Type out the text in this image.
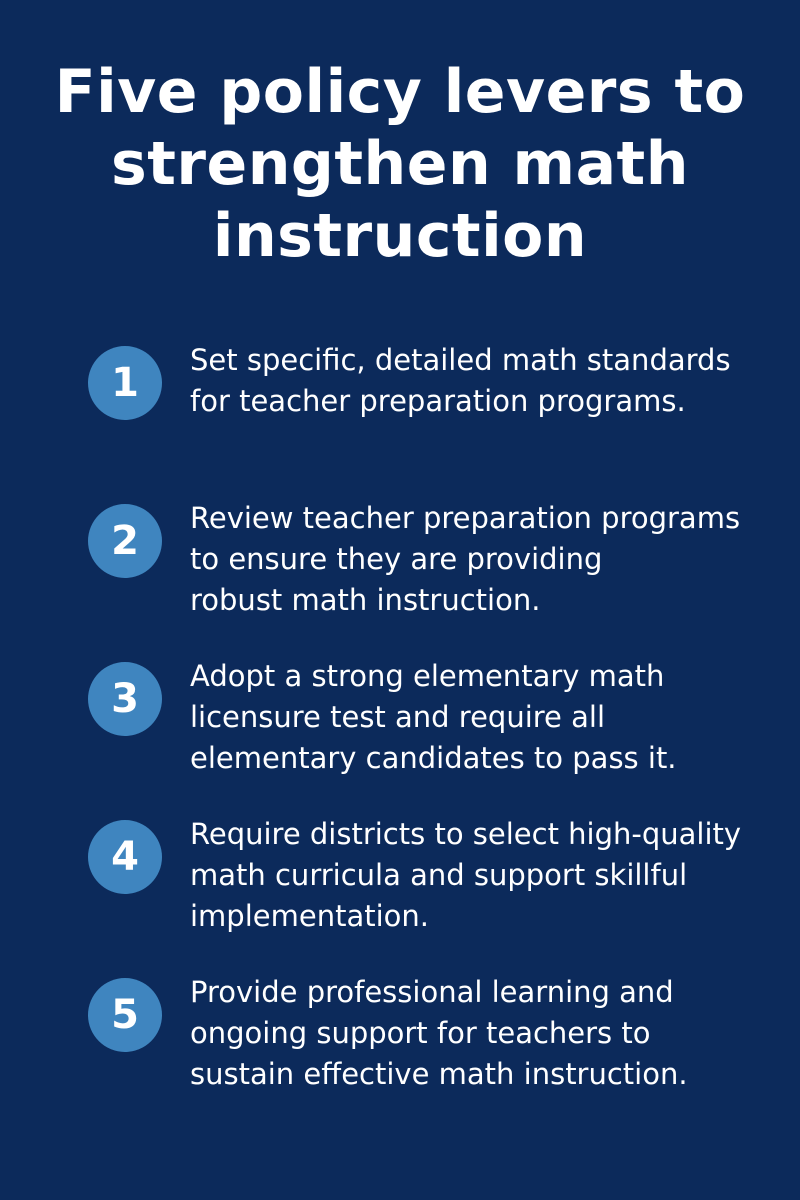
Five policy levers to
strengthen math
instruction
1	Set specific, detailed math standards
for teacher preparation programs.

2	Review teacher preparation programs
to ensure they are providing
robust math instruction.

3	Adopt a strong elementary math
licensure test and require all
elementary candidates to pass it.

4	Require districts to select high-quality
math curricula and support skillful
implementation.

5	Provide professional learning and
ongoing support for teachers to
sustain effective math instruction.
